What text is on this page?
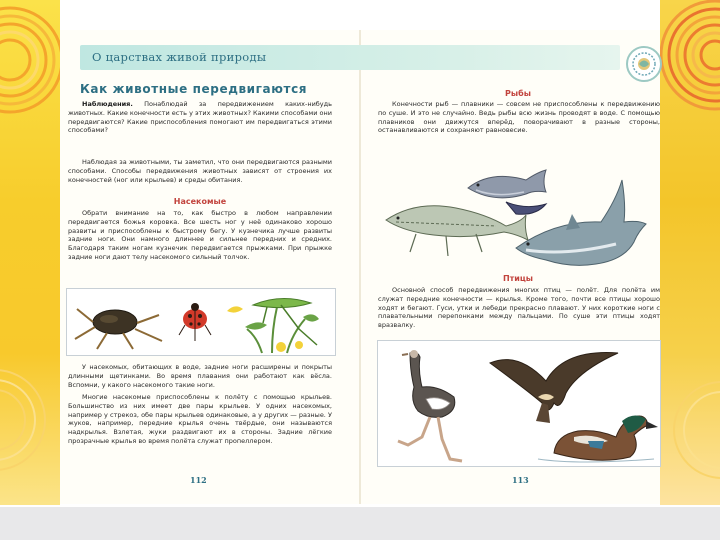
О царствах живой природы
Как животные передвигаются
Наблюдения. Понаблюдай за передвижением каких-нибудь животных. Какие конечности есть у этих животных? Какими способами они передвигаются? Какие приспособления помогают им передвигаться этими способами?
Наблюдая за животными, ты заметил, что они передвигаются разными способами. Способы передвижения животных зависят от строения их конечностей (ног или крыльев) и среды обитания.
Насекомые
Обрати внимание на то, как быстро в любом направлении передвигается божья коровка. Все шесть ног у неё одинаково хорошо развиты и приспособлены к быстрому бегу. У кузнечика лучше развиты задние ноги. Они намного длиннее и сильнее передних и средних. Благодаря таким ногам кузнечик передвигается прыжками. При прыжке задние ноги дают телу насекомого сильный толчок.
У насекомых, обитающих в воде, задние ноги расширены и покрыты длинными щетинками. Во время плавания они работают как вёсла. Вспомни, у какого насекомого такие ноги.
Многие насекомые приспособлены к полёту с помощью крыльев. Большинство из них имеет две пары крыльев. У одних насекомых, например у стрекоз, обе пары крыльев одинаковые, а у других — разные. У жуков, например, передние крылья очень твёрдые, они называются надкрылья. Взлетая, жуки раздвигают их в стороны. Задние лёгкие прозрачные крылья во время полёта служат пропеллером.
112
Рыбы
Конечности рыб — плавники — совсем не приспособлены к передвижению по суше. И это не случайно. Ведь рыбы всю жизнь проводят в воде. С помощью плавников они движутся вперёд, поворачивают в разные стороны, останавливаются и сохраняют равновесие.
Птицы
Основной способ передвижения многих птиц — полёт. Для полёта им служат передние конечности — крылья. Кроме того, почти все птицы хорошо ходят и бегают. Гуси, утки и лебеди прекрасно плавают. У них короткие ноги с плавательными перепонками между пальцами. По суше эти птицы ходят вразвалку.
113
